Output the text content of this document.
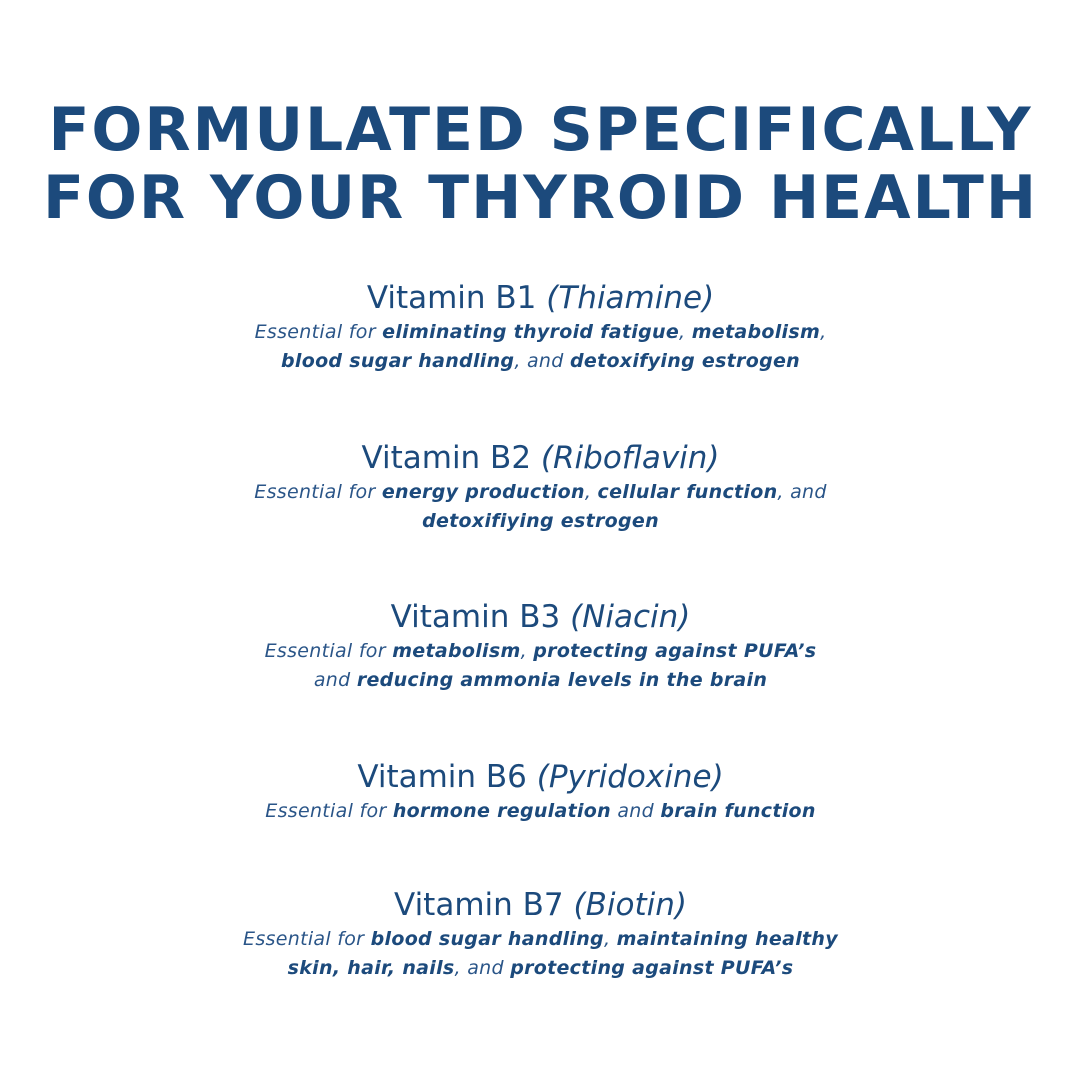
FORMULATED SPECIFICALLY
FOR YOUR THYROID HEALTH
Vitamin B1 (Thiamine)
Essential for eliminating thyroid fatigue, metabolism,
blood sugar handling, and detoxifying estrogen
Vitamin B2 (Riboflavin)
Essential for energy production, cellular function, and
detoxifiying estrogen
Vitamin B3 (Niacin)
Essential for metabolism, protecting against PUFA’s
and reducing ammonia levels in the brain
Vitamin B6 (Pyridoxine)
Essential for hormone regulation and brain function
Vitamin B7 (Biotin)
Essential for blood sugar handling, maintaining healthy
skin, hair, nails, and protecting against PUFA’s
